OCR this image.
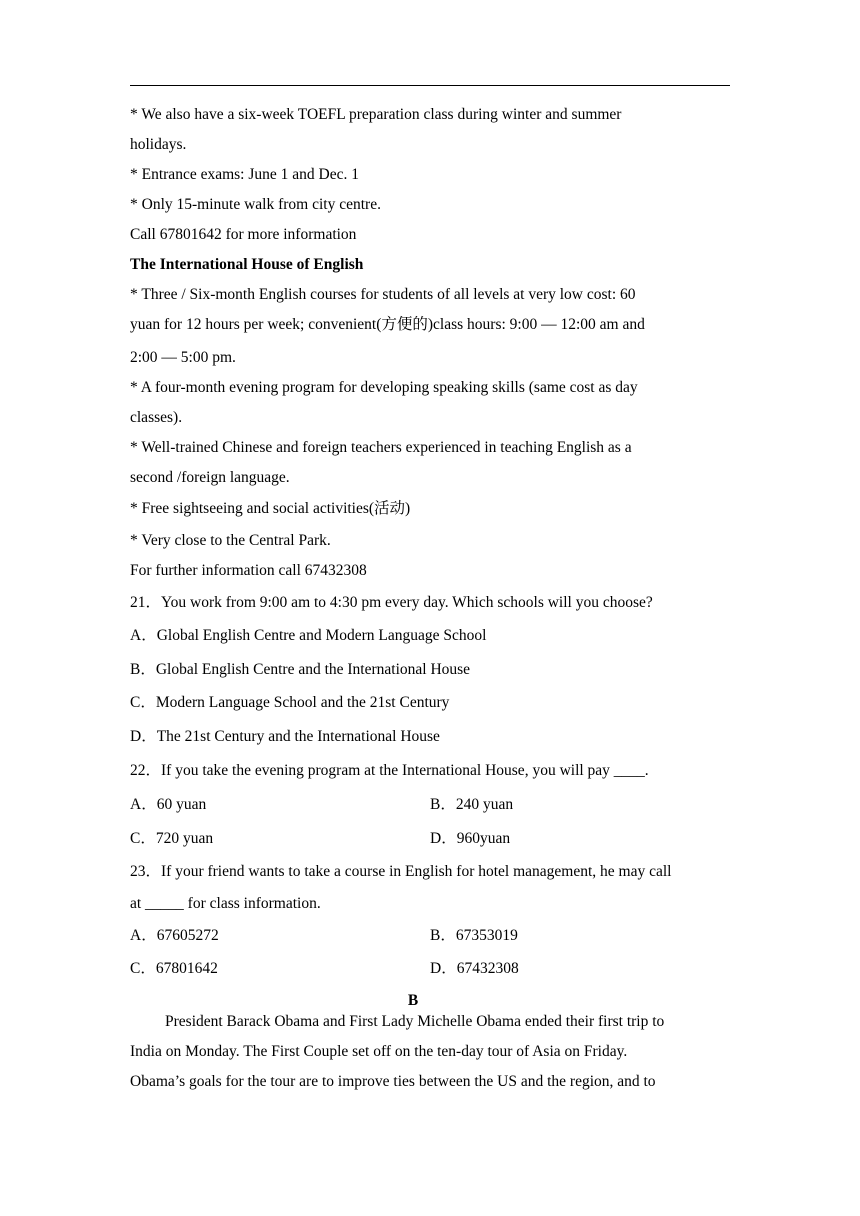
* We also have a six-week TOEFL preparation class during winter and summer
holidays.
* Entrance exams: June 1 and Dec. 1
* Only 15-minute walk from city centre.
Call 67801642 for more information
The International House of English
* Three / Six-month English courses for students of all levels at very low cost: 60
yuan for 12 hours per week; convenient(方便的)class hours: 9:00 — 12:00 am and
2:00 — 5:00 pm.
* A four-month evening program for developing speaking skills (same cost as day
classes).
* Well-trained Chinese and foreign teachers experienced in teaching English as a
second /foreign language.
* Free sightseeing and social activities(活动)
* Very close to the Central Park.
For further information call 67432308
21．You work from 9:00 am to 4:30 pm every day. Which schools will you choose?
A．Global English Centre and Modern Language School
B．Global English Centre and the International House
C．Modern Language School and the 21st Century
D．The 21st Century and the International House
22．If you take the evening program at the International House, you will pay ____.
A．60 yuan	B．240 yuan
C．720 yuan	D．960yuan
23．If your friend wants to take a course in English for hotel management, he may call
at _____ for class information.
A．67605272	B．67353019
C．67801642	D．67432308
B
President Barack Obama and First Lady Michelle Obama ended their first trip to
India on Monday. The First Couple set off on the ten-day tour of Asia on Friday.
Obama’s goals for the tour are to improve ties between the US and the region, and to
